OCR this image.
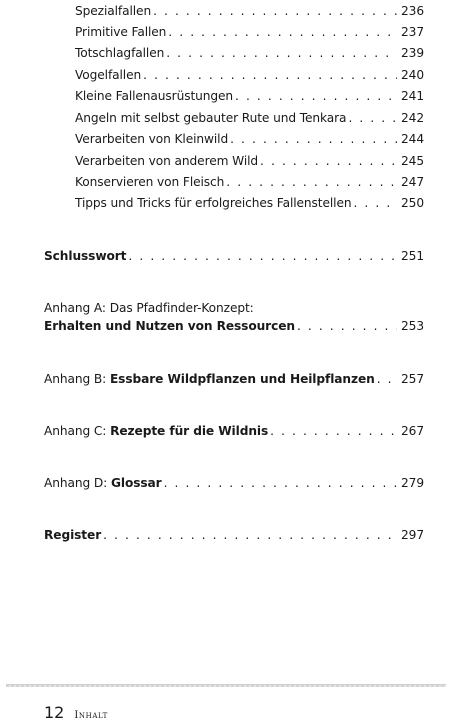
Spezialfallen . . .	236
Primitive Fallen . . .	237
Totschlagfallen . . .	239
Vogelfallen . . .	240
Kleine Fallenausrüstungen . . .	241
Angeln mit selbst gebauter Rute und Tenkara . . .	242
Verarbeiten von Kleinwild . . .	244
Verarbeiten von anderem Wild . . .	245
Konservieren von Fleisch . . .	247
Tipps und Tricks für erfolgreiches Fallenstellen . . .	250
Schlusswort . . .	251
Anhang A: Das Pfadfinder-Konzept:
Erhalten und Nutzen von Ressourcen . . .	253
Anhang B: Essbare Wildpflanzen und Heilpflanzen . . . 257
Anhang C: Rezepte für die Wildnis . . .	267
Anhang D: Glossar . . .	279
Register . . .	297
12 Inhalt
